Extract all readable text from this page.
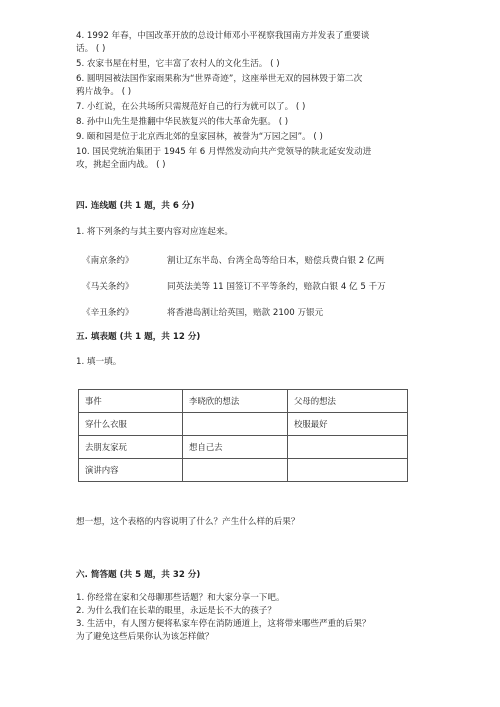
4. 1992 年春，中国改革开放的总设计师邓小平视察我国南方并发表了重要谈
话。 ( )
5. 农家书屋在村里，它丰富了农村人的文化生活。 ( )
6. 圆明园被法国作家雨果称为“世界奇迹”，这座举世无双的园林毁于第二次
鸦片战争。 ( )
7. 小红说，在公共场所只需规范好自己的行为就可以了。 ( )
8. 孙中山先生是推翻中华民族复兴的伟大革命先驱。 ( )
9. 颐和园是位于北京西北郊的皇家园林，被誉为“万园之园”。 ( )
10. 国民党统治集团于 1945 年 6 月悍然发动向共产党领导的陕北延安发动进
攻，挑起全面内战。 ( )
四. 连线题 (共 1 题，共 6 分)
1. 将下列条约与其主要内容对应连起来。
《南京条约》	割让辽东半岛、台湾全岛等给日本，赔偿兵费白银 2 亿两
《马关条约》	同英法美等 11 国签订不平等条约，赔款白银 4 亿 5 千万
《辛丑条约》	将香港岛割让给英国，赔款 2100 万银元
五. 填表题 (共 1 题，共 12 分)
1. 填一填。
事件	李晓欣的想法	父母的想法
穿什么衣服		校服最好
去朋友家玩	想自己去	
演讲内容		
想一想，这个表格的内容说明了什么？产生什么样的后果？
六. 简答题 (共 5 题，共 32 分)
1. 你经常在家和父母聊那些话题？和大家分享一下吧。
2. 为什么我们在长辈的眼里，永远是长不大的孩子？
3. 生活中，有人图方便将私家车停在消防通道上，这将带来哪些严重的后果？
为了避免这些后果你认为该怎样做？
